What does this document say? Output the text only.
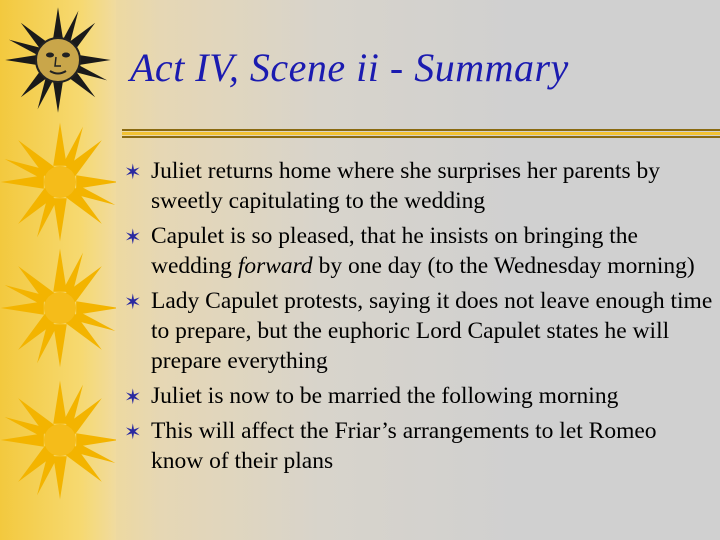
Act IV, Scene ii - Summary
✶ Juliet returns home where she surprises her parents by sweetly capitulating to the wedding
✶ Capulet is so pleased, that he insists on bringing the wedding forward by one day (to the Wednesday morning)
✶ Lady Capulet protests, saying it does not leave enough time to prepare, but the euphoric Lord Capulet states he will prepare everything
✶ Juliet is now to be married the following morning
✶ This will affect the Friar’s arrangements to let Romeo know of their plans
